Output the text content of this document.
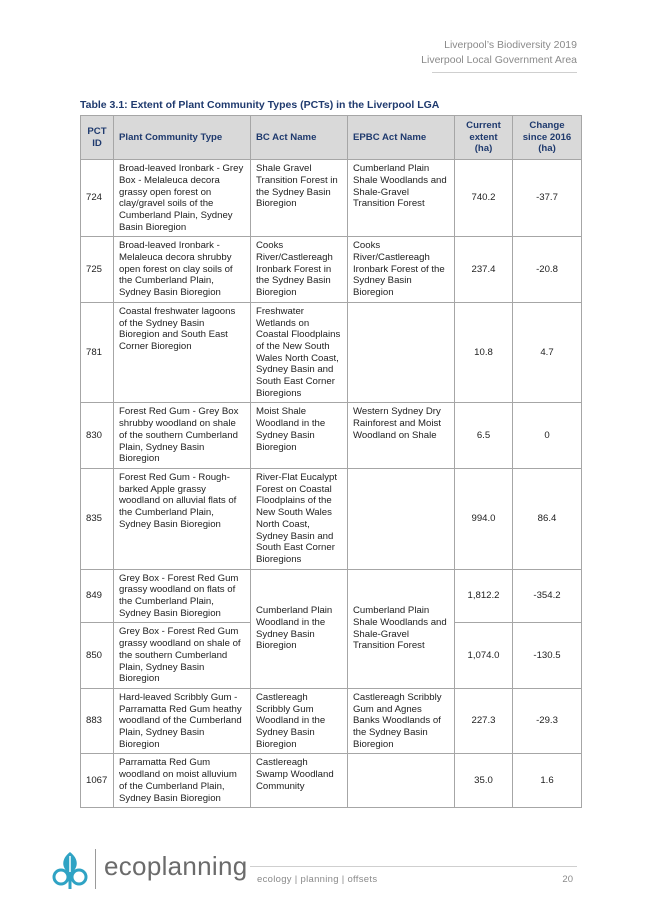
Liverpool’s Biodiversity 2019
Liverpool Local Government Area
Table 3.1: Extent of Plant Community Types (PCTs) in the Liverpool LGA
PCT ID	Plant Community Type	BC Act Name	EPBC Act Name	Current extent (ha)	Change since 2016 (ha)
724	Broad-leaved Ironbark - Grey Box - Melaleuca decora grassy open forest on clay/gravel soils of the Cumberland Plain, Sydney Basin Bioregion	Shale Gravel Transition Forest in the Sydney Basin Bioregion	Cumberland Plain Shale Woodlands and Shale-Gravel Transition Forest	740.2	-37.7
725	Broad-leaved Ironbark - Melaleuca decora shrubby open forest on clay soils of the Cumberland Plain, Sydney Basin Bioregion	Cooks River/Castlereagh Ironbark Forest in the Sydney Basin Bioregion	Cooks River/Castlereagh Ironbark Forest of the Sydney Basin Bioregion	237.4	-20.8
781	Coastal freshwater lagoons of the Sydney Basin Bioregion and South East Corner Bioregion	Freshwater Wetlands on Coastal Floodplains of the New South Wales North Coast, Sydney Basin and South East Corner Bioregions		10.8	4.7
830	Forest Red Gum - Grey Box shrubby woodland on shale of the southern Cumberland Plain, Sydney Basin Bioregion	Moist Shale Woodland in the Sydney Basin Bioregion	Western Sydney Dry Rainforest and Moist Woodland on Shale	6.5	0
835	Forest Red Gum - Rough-barked Apple grassy woodland on alluvial flats of the Cumberland Plain, Sydney Basin Bioregion	River-Flat Eucalypt Forest on Coastal Floodplains of the New South Wales North Coast, Sydney Basin and South East Corner Bioregions		994.0	86.4
849	Grey Box - Forest Red Gum grassy woodland on flats of the Cumberland Plain, Sydney Basin Bioregion	Cumberland Plain Woodland in the Sydney Basin Bioregion	Cumberland Plain Shale Woodlands and Shale-Gravel Transition Forest	1,812.2	-354.2
850	Grey Box - Forest Red Gum grassy woodland on shale of the southern Cumberland Plain, Sydney Basin Bioregion			1,074.0	-130.5
883	Hard-leaved Scribbly Gum - Parramatta Red Gum heathy woodland of the Cumberland Plain, Sydney Basin Bioregion	Castlereagh Scribbly Gum Woodland in the Sydney Basin Bioregion	Castlereagh Scribbly Gum and Agnes Banks Woodlands of the Sydney Basin Bioregion	227.3	-29.3
1067	Parramatta Red Gum woodland on moist alluvium of the Cumberland Plain, Sydney Basin Bioregion	Castlereagh Swamp Woodland Community		35.0	1.6
ecoplanning ecology | planning | offsets	20
